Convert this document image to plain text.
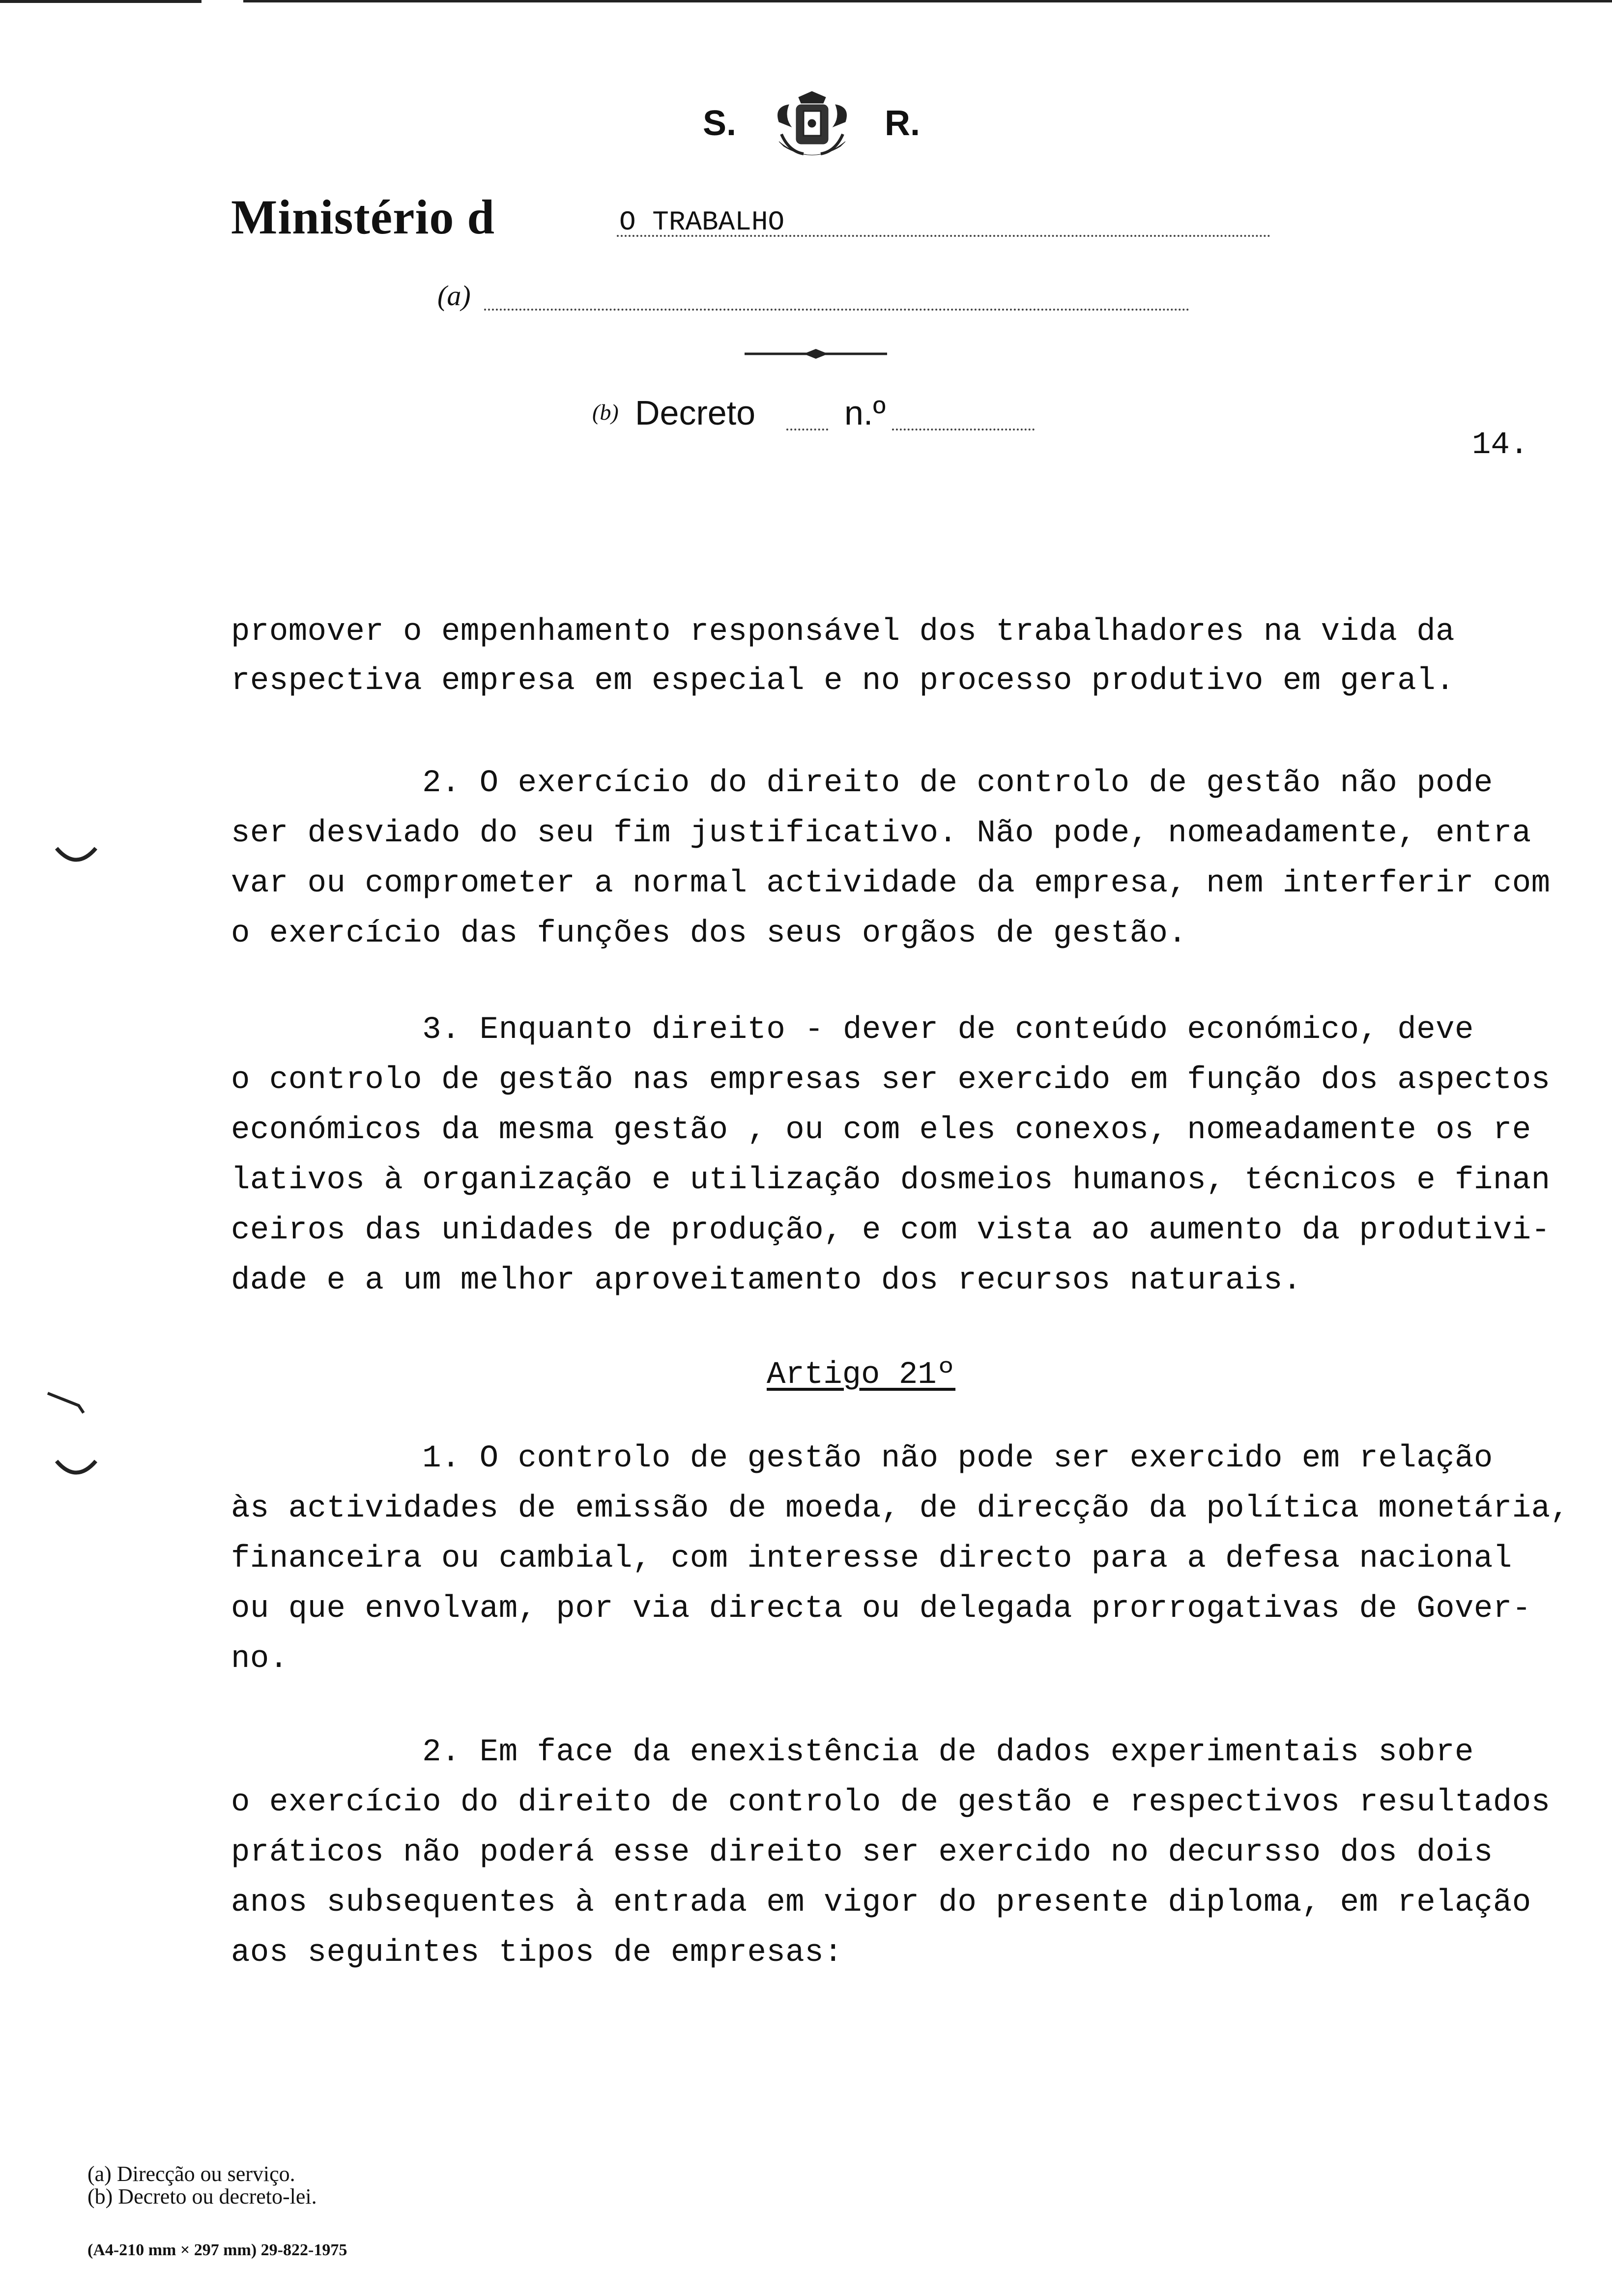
S.	R.
Ministério d	O TRABALHO
(a)
(b) Decreto	n.º
14.
promover o empenhamento responsável dos trabalhadores na vida da
respectiva empresa em especial e no processo produtivo em geral.
2. O exercício do direito de controlo de gestão não pode
ser desviado do seu fim justificativo. Não pode, nomeadamente, entra
var ou comprometer a normal actividade da empresa, nem interferir com
o exercício das funções dos seus orgãos de gestão.
3. Enquanto direito - dever de conteúdo económico, deve
o controlo de gestão nas empresas ser exercido em função dos aspectos
económicos da mesma gestão , ou com eles conexos, nomeadamente os re
lativos à organização e utilização dosmeios humanos, técnicos e finan
ceiros das unidades de produção, e com vista ao aumento da produtivi-
dade e a um melhor aproveitamento dos recursos naturais.
Artigo 21º
1. O controlo de gestão não pode ser exercido em relação
às actividades de emissão de moeda, de direcção da política monetária,
financeira ou cambial, com interesse directo para a defesa nacional
ou que envolvam, por via directa ou delegada prorrogativas de Gover-
no.
2. Em face da enexistência de dados experimentais sobre
o exercício do direito de controlo de gestão e respectivos resultados
práticos não poderá esse direito ser exercido no decursso dos dois
anos subsequentes à entrada em vigor do presente diploma, em relação
aos seguintes tipos de empresas:
(a) Direcção ou serviço.
(b) Decreto ou decreto-lei.
(A4-210 mm × 297 mm) 29-822-1975
